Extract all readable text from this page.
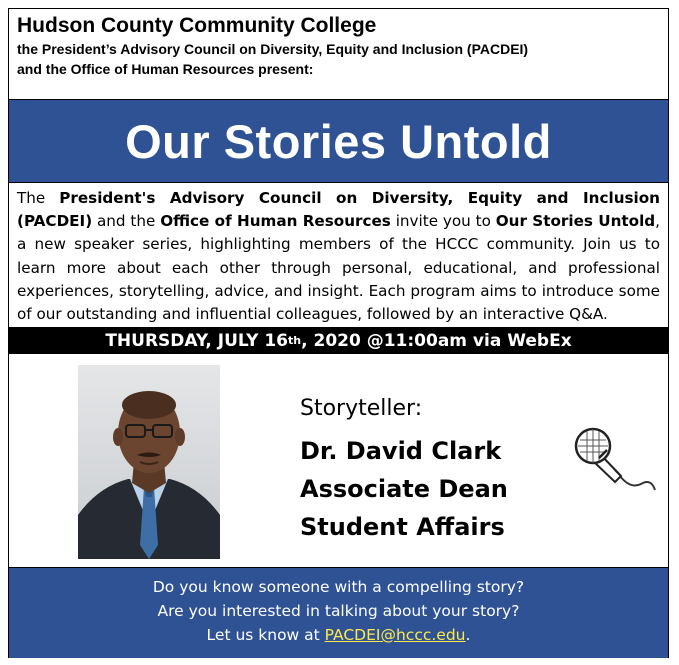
Hudson County Community College
the President’s Advisory Council on Diversity, Equity and Inclusion (PACDEI)
and the Office of Human Resources present:
Our Stories Untold
The President's Advisory Council on Diversity, Equity and Inclusion (PACDEI) and the Office of Human Resources invite you to Our Stories Untold, a new speaker series, highlighting members of the HCCC community. Join us to learn more about each other through personal, educational, and professional experiences, storytelling, advice, and insight. Each program aims to introduce some of our outstanding and influential colleagues, followed by an interactive Q&A.
THURSDAY, JULY 16 th , 2020 @11:00am via WebEx
Storyteller:
Dr. David Clark
Associate Dean
Student Affairs
Do you know someone with a compelling story?
Are you interested in talking about your story?
Let us know at PACDEI@hccc.edu.
